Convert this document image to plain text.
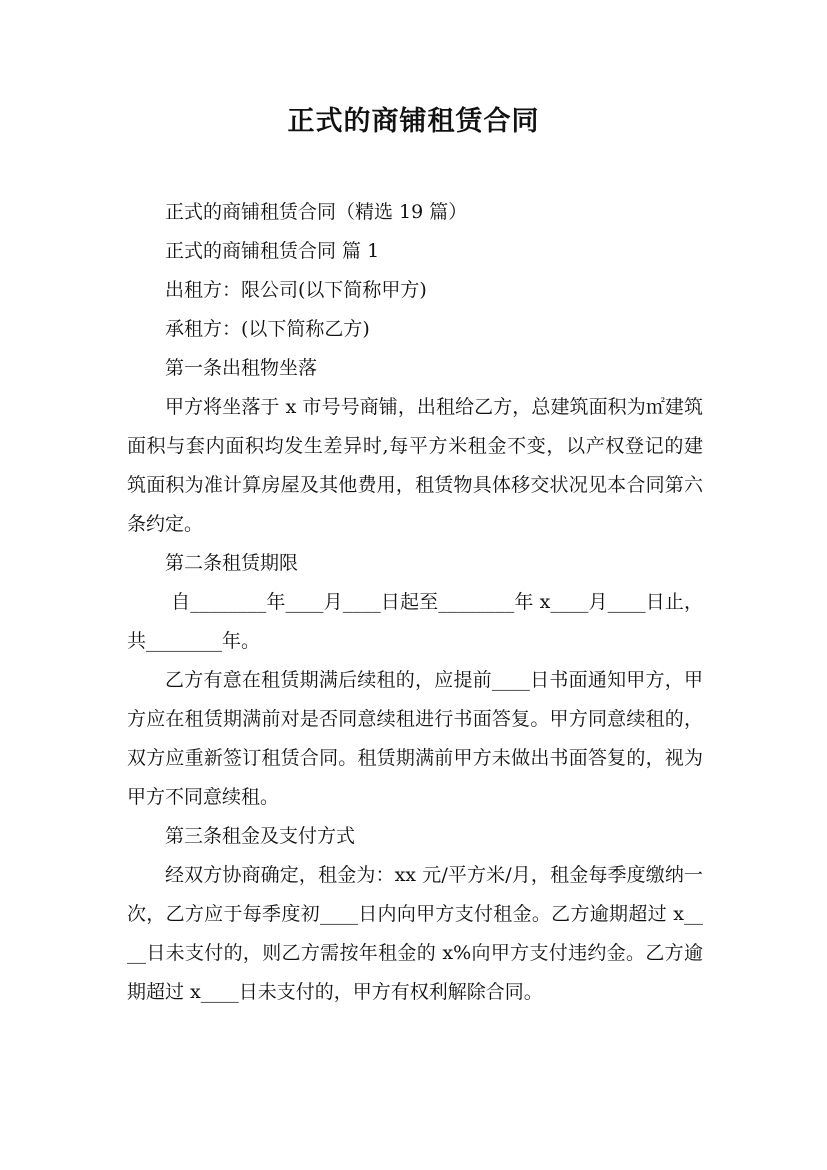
正式的商铺租赁合同

正式的商铺租赁合同（精选 19 篇）

正式的商铺租赁合同 篇 1

出租方：限公司(以下简称甲方)

承租方：(以下简称乙方)

第一条出租物坐落

甲方将坐落于 x 市号号商铺，出租给乙方，总建筑面积为㎡建筑面积与套内面积均发生差异时,每平方米租金不变，以产权登记的建筑面积为准计算房屋及其他费用，租赁物具体移交状况见本合同第六条约定。

第二条租赁期限

自________年____月____日起至________年 x____月____日止，共________年。

乙方有意在租赁期满后续租的，应提前____日书面通知甲方，甲方应在租赁期满前对是否同意续租进行书面答复。甲方同意续租的，双方应重新签订租赁合同。租赁期满前甲方未做出书面答复的，视为甲方不同意续租。

第三条租金及支付方式

经双方协商确定，租金为：xx 元/平方米/月，租金每季度缴纳一次，乙方应于每季度初____日内向甲方支付租金。乙方逾期超过 x____日未支付的，则乙方需按年租金的 x%向甲方支付违约金。乙方逾期超过 x____日未支付的，甲方有权利解除合同。
